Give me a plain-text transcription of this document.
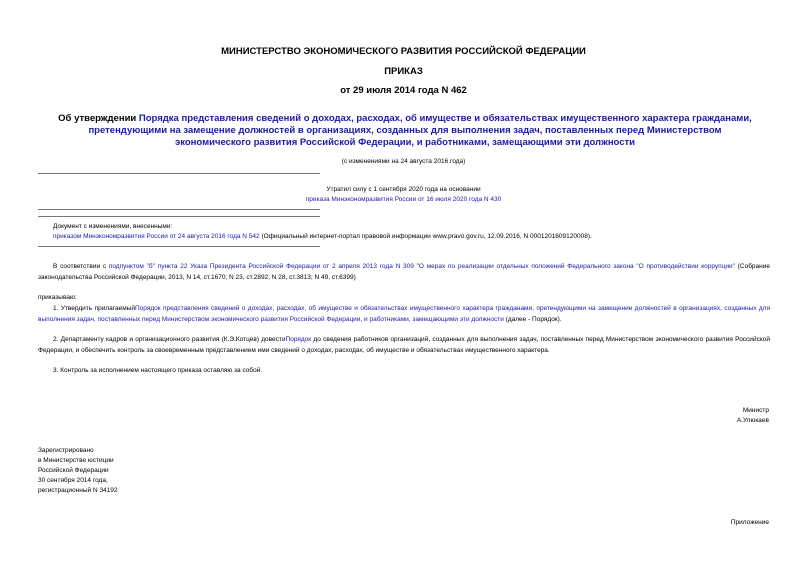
МИНИСТЕРСТВО ЭКОНОМИЧЕСКОГО РАЗВИТИЯ РОССИЙСКОЙ ФЕДЕРАЦИИ
ПРИКАЗ
от 29 июля 2014 года N 462
Об утверждении Порядка представления сведений о доходах, расходах, об имуществе и обязательствах имущественного характера гражданами, претендующими на замещение должностей в организациях, созданных для выполнения задач, поставленных перед Министерством экономического развития Российской Федерации, и работниками, замещающими эти должности
(с изменениями на 24 августа 2016 года)
Утратил силу с 1 сентября 2020 года на основании
приказа Минэкономразвития России от 16 июля 2020 года N 430
Документ с изменениями, внесенными:
приказом Минэкономразвития России от 24 августа 2016 года N 542 (Официальный интернет-портал правовой информации www.pravo.gov.ru, 12.09.2016, N 0001201609120008).
В соответствии с подпунктом "б" пункта 22 Указа Президента Российской Федерации от 2 апреля 2013 года N 309 "О мерах по реализации отдельных положений Федерального закона "О противодействии коррупции" (Собрание законодательства Российской Федерации, 2013, N 14, ст.1670; N 23, ст.2892; N 28, ст.3813; N 49, ст.6399)
приказываю:
1. Утвердить прилагаемыйПорядок представления сведений о доходах, расходах, об имуществе и обязательствах имущественного характера гражданами, претендующими на замещение должностей в организациях, созданных для выполнения задач, поставленных перед Министерством экономического развития Российской Федерации, и работниками, замещающими эти должности (далее - Порядок).
2. Департаменту кадров и организационного развития (К.Э.Котцев) довестиПорядок до сведения работников организаций, созданных для выполнения задач, поставленных перед Министерством экономического развития Российской Федерации, и обеспечить контроль за своевременным представлением ими сведений о доходах, расходах, об имуществе и обязательствах имущественного характера.
3. Контроль за исполнением настоящего приказа оставляю за собой.
Министр
А.Улюкаев
Зарегистрировано
в Министерстве юстиции
Российской Федерации
30 сентября 2014 года,
регистрационный N 34192
Приложение
